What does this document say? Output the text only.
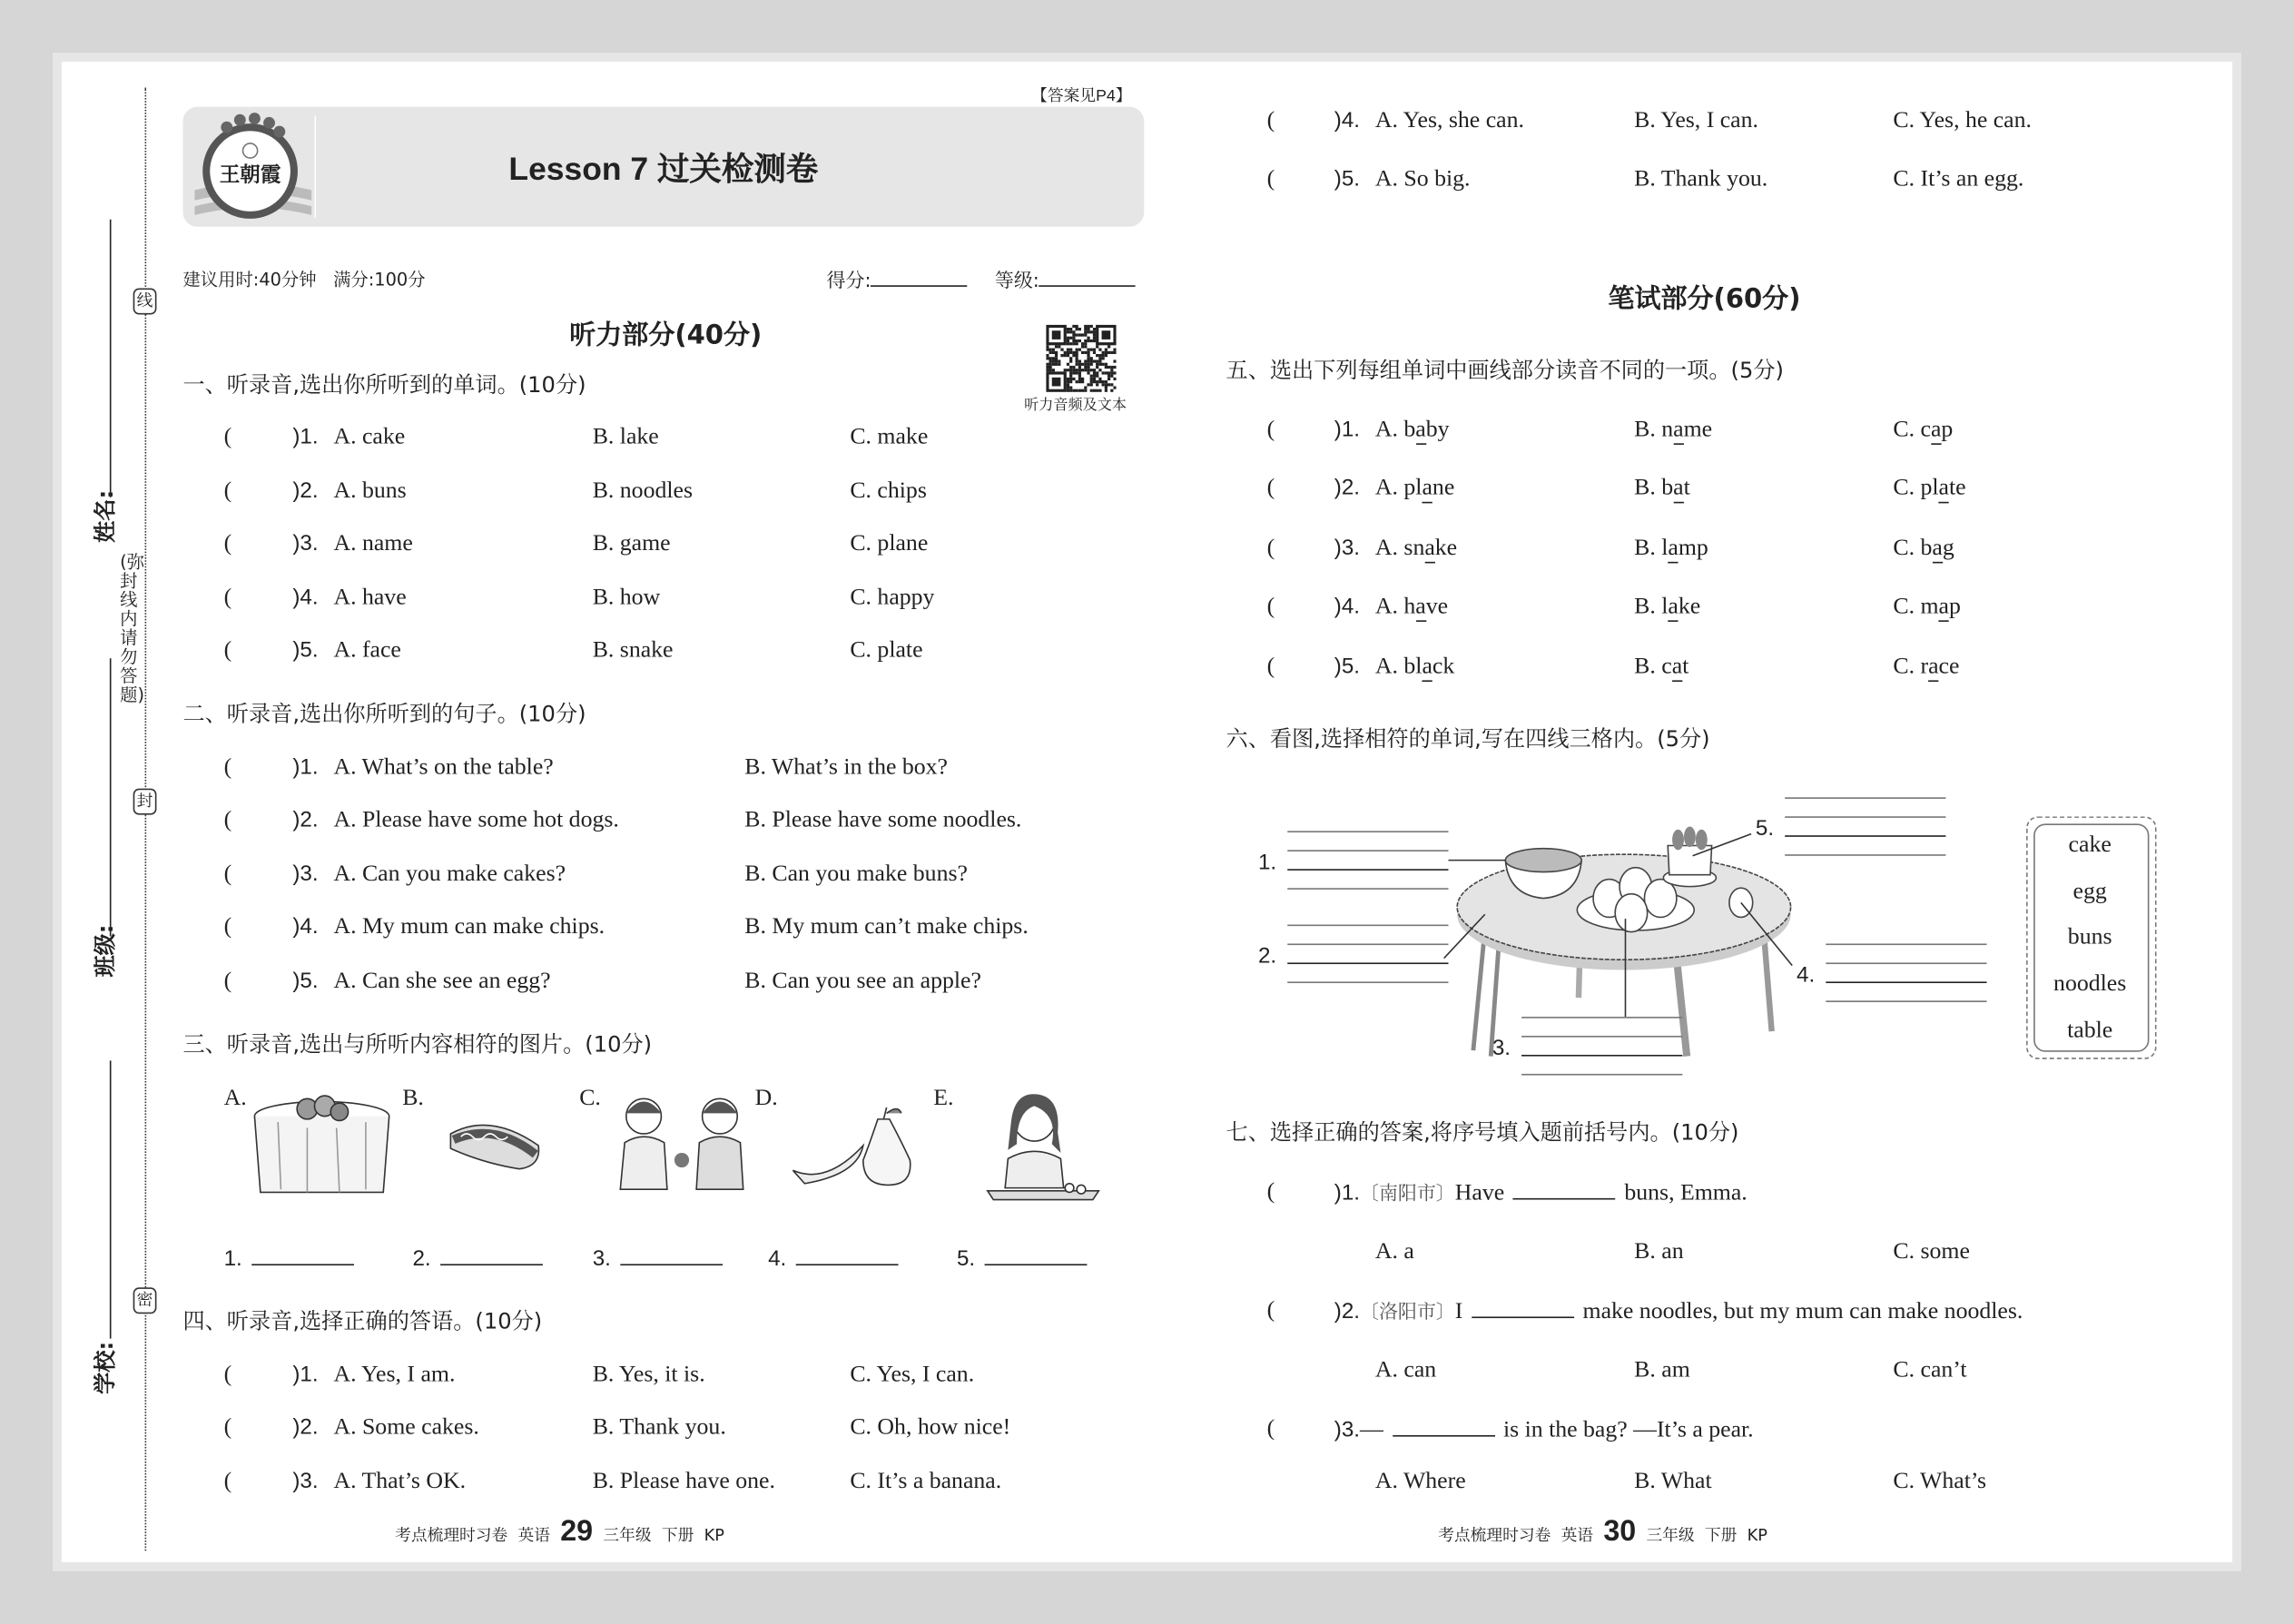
姓名:
班级:
学校:
(弥封线内请勿答题)
线
封
密
【答案见P4】
王朝霞	Lesson 7 过关检测卷
建议用时:40分钟 满分:100分	得分:	等级:
听力部分(40分)
听力音频及文本
一、听录音,选出你所听到的单词。(10分)
(	)1. A. cake	B. lake	C. make
(	)2. A. buns	B. noodles	C. chips
(	)3. A. name	B. game	C. plane
(	)4. A. have	B. how	C. happy
(	)5. A. face	B. snake	C. plate
二、听录音,选出你所听到的句子。(10分)
(	)1. A. What’s on the table?	B. What’s in the box?
(	)2. A. Please have some hot dogs.	B. Please have some noodles.
(	)3. A. Can you make cakes?	B. Can you make buns?
(	)4. A. My mum can make chips.	B. My mum can’t make chips.
(	)5. A. Can she see an egg?	B. Can you see an apple?
三、听录音,选出与所听内容相符的图片。(10分)
A.	B.	C.	D.	E.
1.	2.	3.	4.	5.
四、听录音,选择正确的答语。(10分)
(	)1. A. Yes, I am.	B. Yes, it is.	C. Yes, I can.
(	)2. A. Some cakes.	B. Thank you.	C. Oh, how nice!
(	)3. A. That’s OK.	B. Please have one.	C. It’s a banana.
(	)4. A. Yes, she can.	B. Yes, I can.	C. Yes, he can.
(	)5. A. So big.	B. Thank you.	C. It’s an egg.
笔试部分(60分)
五、选出下列每组单词中画线部分读音不同的一项。(5分)
(	)1. A. baby	B. name	C. cap
(	)2. A. plane	B. bat	C. plate
(	)3. A. snake	B. lamp	C. bag
(	)4. A. have	B. lake	C. map
(	)5. A. black	B. cat	C. race
六、看图,选择相符的单词,写在四线三格内。(5分)
cake
egg
buns
noodles
table
七、选择正确的答案,将序号填入题前括号内。(10分)
(	)1.〔南阳市〕Have	buns, Emma.
A. a	B. an	C. some
(	)2.〔洛阳市〕I	make noodles, but my mum can make noodles.
A. can	B. am	C. can’t
(	)3.—	is in the bag? —It’s a pear.
A. Where	B. What	C. What’s
1.
2.
3.
4.
5.
考点梳理时习卷 英语 29 三年级 下册 KP	考点梳理时习卷 英语 30 三年级 下册 KP
